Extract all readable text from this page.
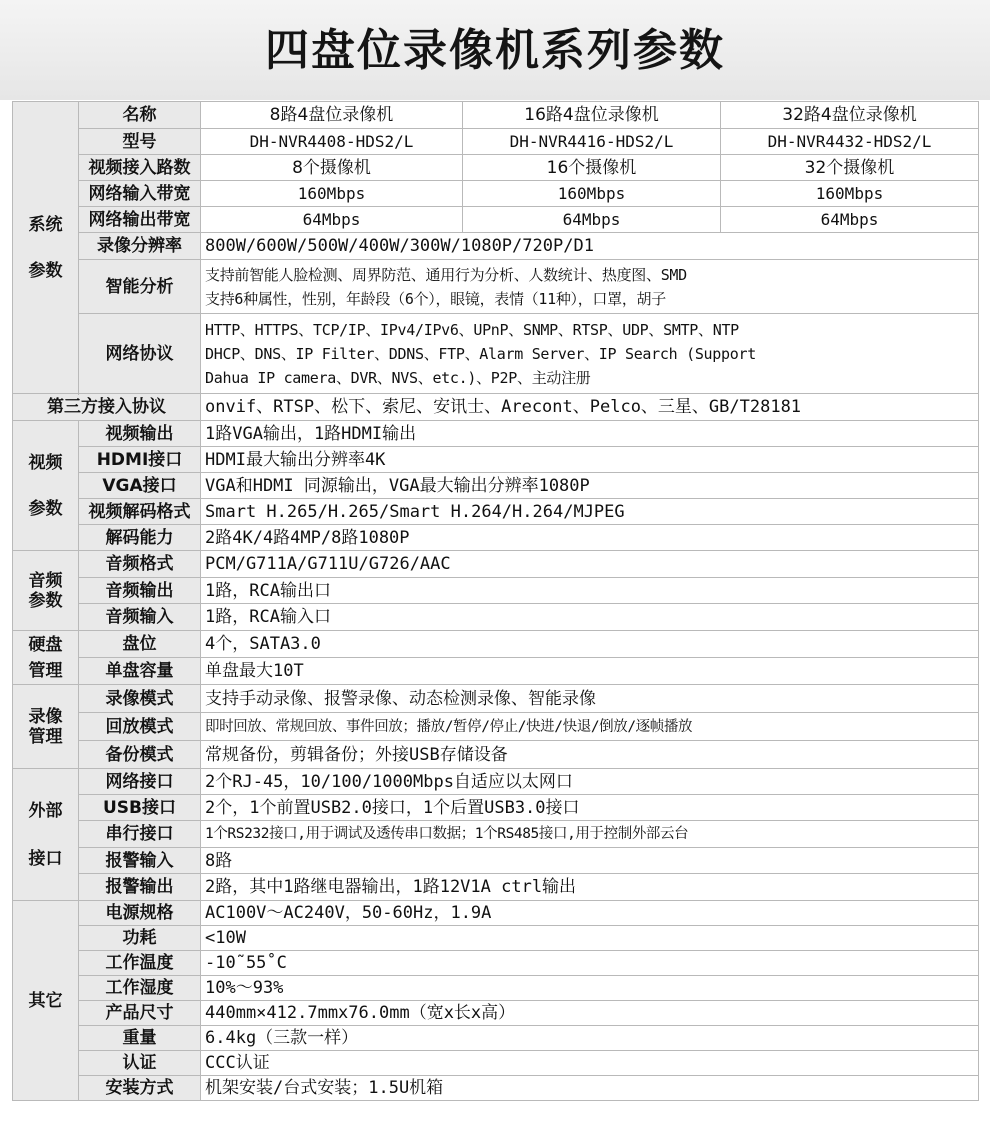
四盘位录像机系列参数
系统
参数	名称	8路4盘位录像机	16路4盘位录像机	32路4盘位录像机
	型号	DH-NVR4408-HDS2/L	DH-NVR4416-HDS2/L	DH-NVR4432-HDS2/L
	视频接入路数	8个摄像机	16个摄像机	32个摄像机
	网络输入带宽	160Mbps	160Mbps	160Mbps
	网络输出带宽	64Mbps	64Mbps	64Mbps
	录像分辨率	800W/600W/500W/400W/300W/1080P/720P/D1		
	智能分析	支持前智能人脸检测、周界防范、通用行为分析、人数统计、热度图、SMD
支持6种属性，性别，年龄段（6个），眼镜，表情（11种），口罩，胡子		
	网络协议	HTTP、HTTPS、TCP/IP、IPv4/IPv6、UPnP、SNMP、RTSP、UDP、SMTP、NTP
DHCP、DNS、IP Filter、DDNS、FTP、Alarm Server、IP Search (Support
Dahua IP camera、DVR、NVS、etc.)、P2P、主动注册		

第三方接入协议		onvif、RTSP、松下、索尼、安讯士、Arecont、Pelco、三星、GB/T28181		
视频
参数	视频输出	1路VGA输出，1路HDMI输出		
	HDMI接口	HDMI最大输出分辨率4K		
	VGA接口	VGA和HDMI 同源输出，VGA最大输出分辨率1080P		
	视频解码格式	Smart H.265/H.265/Smart H.264/H.264/MJPEG		
	解码能力	2路4K/4路4MP/8路1080P		
音频
参数	音频格式	PCM/G711A/G711U/G726/AAC		
	音频输出	1路，RCA输出口		
	音频输入	1路，RCA输入口		
硬盘
管理	盘位	4个，SATA3.0		
	单盘容量	单盘最大10T		
录像
管理	录像模式	支持手动录像、报警录像、动态检测录像、智能录像		
	回放模式	即时回放、常规回放、事件回放；播放/暂停/停止/快进/快退/倒放/逐帧播放		
	备份模式	常规备份，剪辑备份；外接USB存储设备		
外部
接口	网络接口	2个RJ-45，10/100/1000Mbps自适应以太网口		
	USB接口	2个，1个前置USB2.0接口，1个后置USB3.0接口		
	串行接口	1个RS232接口,用于调试及透传串口数据；1个RS485接口,用于控制外部云台		
	报警输入	8路		
	报警输出	2路，其中1路继电器输出，1路12V1A ctrl输出		
其它	电源规格	AC100V～AC240V，50-60Hz，1.9A		
	功耗	<10W		
	工作温度	-10˜55˚C		
	工作湿度	10%～93%		
	产品尺寸	440mm×412.7mmx76.0mm（宽x长x高）		
	重量	6.4kg（三款一样）		
	认证	CCC认证		
	安装方式	机架安装/台式安装；1.5U机箱		
